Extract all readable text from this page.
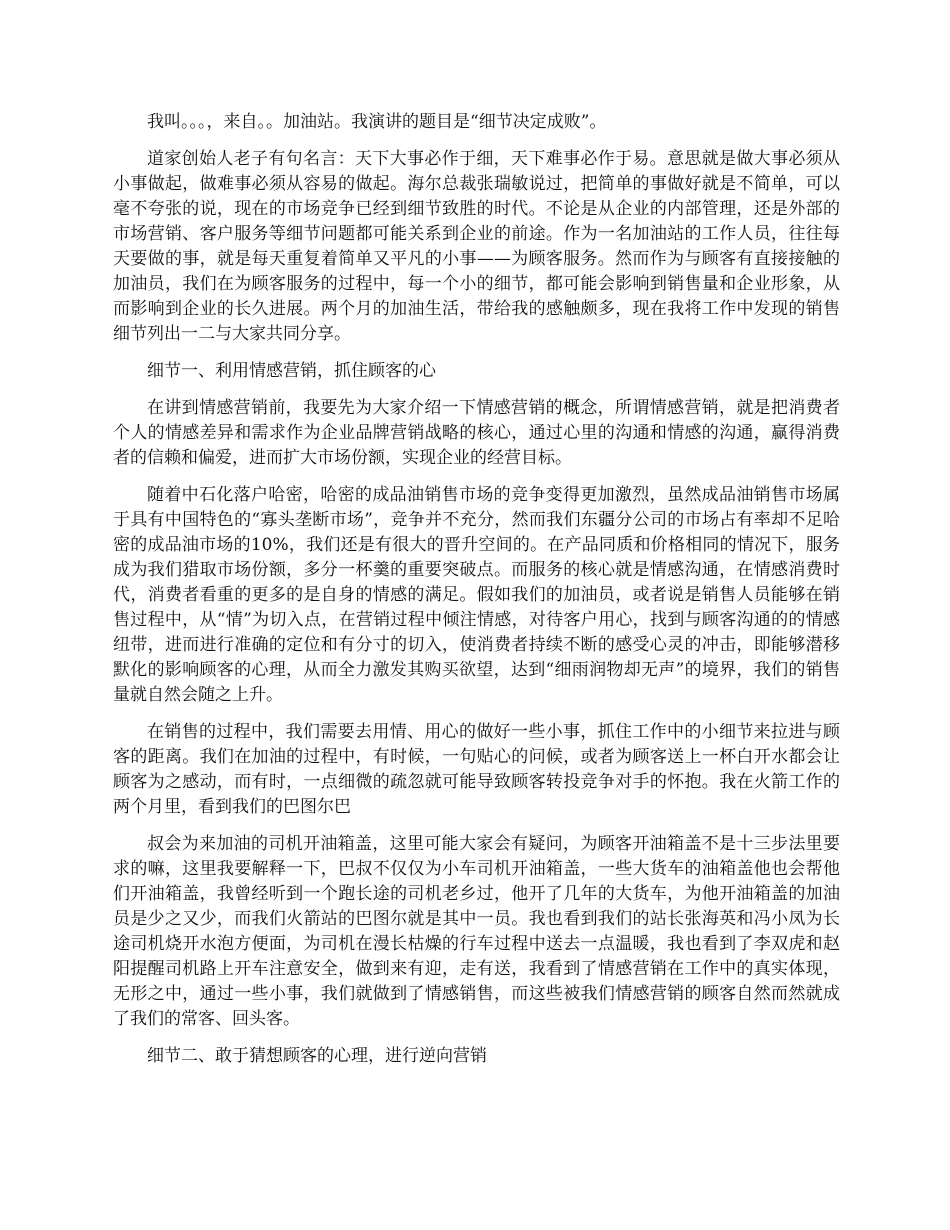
我叫。。。，来自。。加油站。我演讲的题目是“细节决定成败”。

道家创始人老子有句名言：天下大事必作于细，天下难事必作于易。意思就是做大事必须从小事做起，做难事必须从容易的做起。海尔总裁张瑞敏说过，把简单的事做好就是不简单，可以毫不夸张的说，现在的市场竞争已经到细节致胜的时代。不论是从企业的内部管理，还是外部的市场营销、客户服务等细节问题都可能关系到企业的前途。作为一名加油站的工作人员，往往每天要做的事，就是每天重复着简单又平凡的小事——为顾客服务。然而作为与顾客有直接接触的加油员，我们在为顾客服务的过程中，每一个小的细节，都可能会影响到销售量和企业形象，从而影响到企业的长久进展。两个月的加油生活，带给我的感触颇多，现在我将工作中发现的销售细节列出一二与大家共同分享。

细节一、利用情感营销，抓住顾客的心

在讲到情感营销前，我要先为大家介绍一下情感营销的概念，所谓情感营销，就是把消费者个人的情感差异和需求作为企业品牌营销战略的核心，通过心里的沟通和情感的沟通，赢得消费者的信赖和偏爱，进而扩大市场份额，实现企业的经营目标。

随着中石化落户哈密，哈密的成品油销售市场的竞争变得更加激烈，虽然成品油销售市场属于具有中国特色的“寡头垄断市场”，竞争并不充分，然而我们东疆分公司的市场占有率却不足哈密的成品油市场的10%，我们还是有很大的晋升空间的。在产品同质和价格相同的情况下，服务成为我们猎取市场份额，多分一杯羹的重要突破点。而服务的核心就是情感沟通，在情感消费时代，消费者看重的更多的是自身的情感的满足。假如我们的加油员，或者说是销售人员能够在销售过程中，从“情”为切入点，在营销过程中倾注情感，对待客户用心，找到与顾客沟通的的情感纽带，进而进行准确的定位和有分寸的切入，使消费者持续不断的感受心灵的冲击，即能够潜移默化的影响顾客的心理，从而全力激发其购买欲望，达到“细雨润物却无声”的境界，我们的销售量就自然会随之上升。

在销售的过程中，我们需要去用情、用心的做好一些小事，抓住工作中的小细节来拉进与顾客的距离。我们在加油的过程中，有时候，一句贴心的问候，或者为顾客送上一杯白开水都会让顾客为之感动，而有时，一点细微的疏忽就可能导致顾客转投竞争对手的怀抱。我在火箭工作的两个月里，看到我们的巴图尔巴

叔会为来加油的司机开油箱盖，这里可能大家会有疑问，为顾客开油箱盖不是十三步法里要求的嘛，这里我要解释一下，巴叔不仅仅为小车司机开油箱盖，一些大货车的油箱盖他也会帮他们开油箱盖，我曾经听到一个跑长途的司机老乡过，他开了几年的大货车，为他开油箱盖的加油员是少之又少，而我们火箭站的巴图尔就是其中一员。我也看到我们的站长张海英和冯小凤为长途司机烧开水泡方便面，为司机在漫长枯燥的行车过程中送去一点温暖，我也看到了李双虎和赵阳提醒司机路上开车注意安全，做到来有迎，走有送，我看到了情感营销在工作中的真实体现，无形之中，通过一些小事，我们就做到了情感销售，而这些被我们情感营销的顾客自然而然就成了我们的常客、回头客。

细节二、敢于猜想顾客的心理，进行逆向营销
